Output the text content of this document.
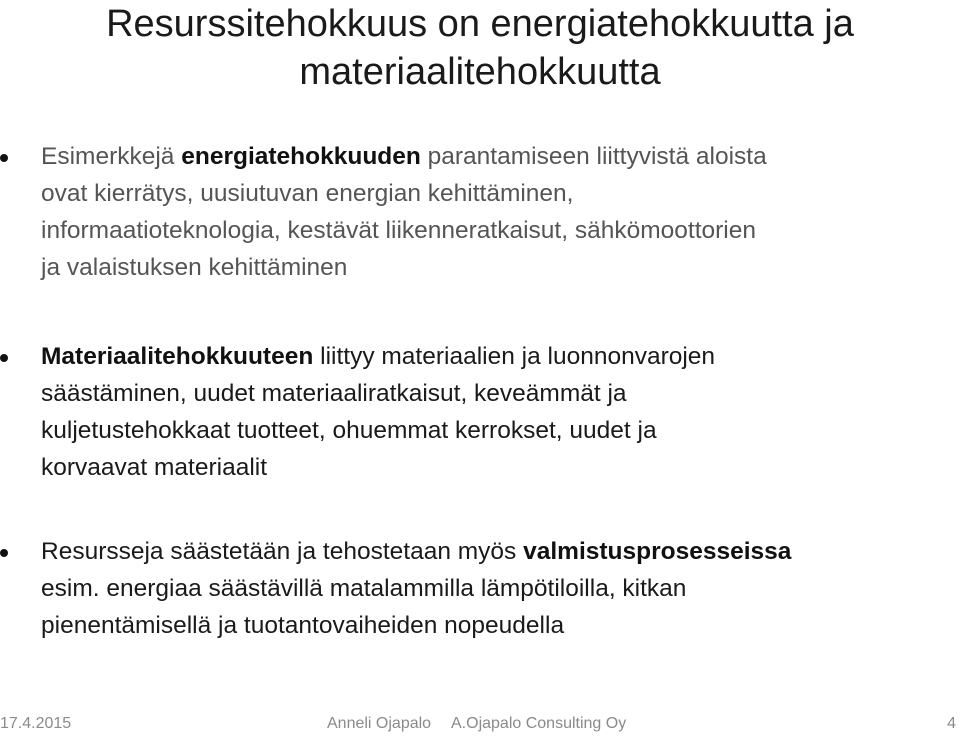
Resurssitehokkuus on energiatehokkuutta ja
materiaalitehokkuutta
Esimerkkejä energiatehokkuuden parantamiseen liittyvistä aloista
ovat kierrätys, uusiutuvan energian kehittäminen,
informaatioteknologia, kestävät liikenneratkaisut, sähkömoottorien
ja valaistuksen kehittäminen
Materiaalitehokkuuteen liittyy materiaalien ja luonnonvarojen
säästäminen, uudet materiaaliratkaisut, keveämmät ja
kuljetustehokkaat tuotteet, ohuemmat kerrokset, uudet ja
korvaavat materiaalit
Resursseja säästetään ja tehostetaan myös valmistusprosesseissa
esim. energiaa säästävillä matalammilla lämpötiloilla, kitkan
pienentämisellä ja tuotantovaiheiden nopeudella
17.4.2015	Anneli Ojapalo A.Ojapalo Consulting Oy	4
